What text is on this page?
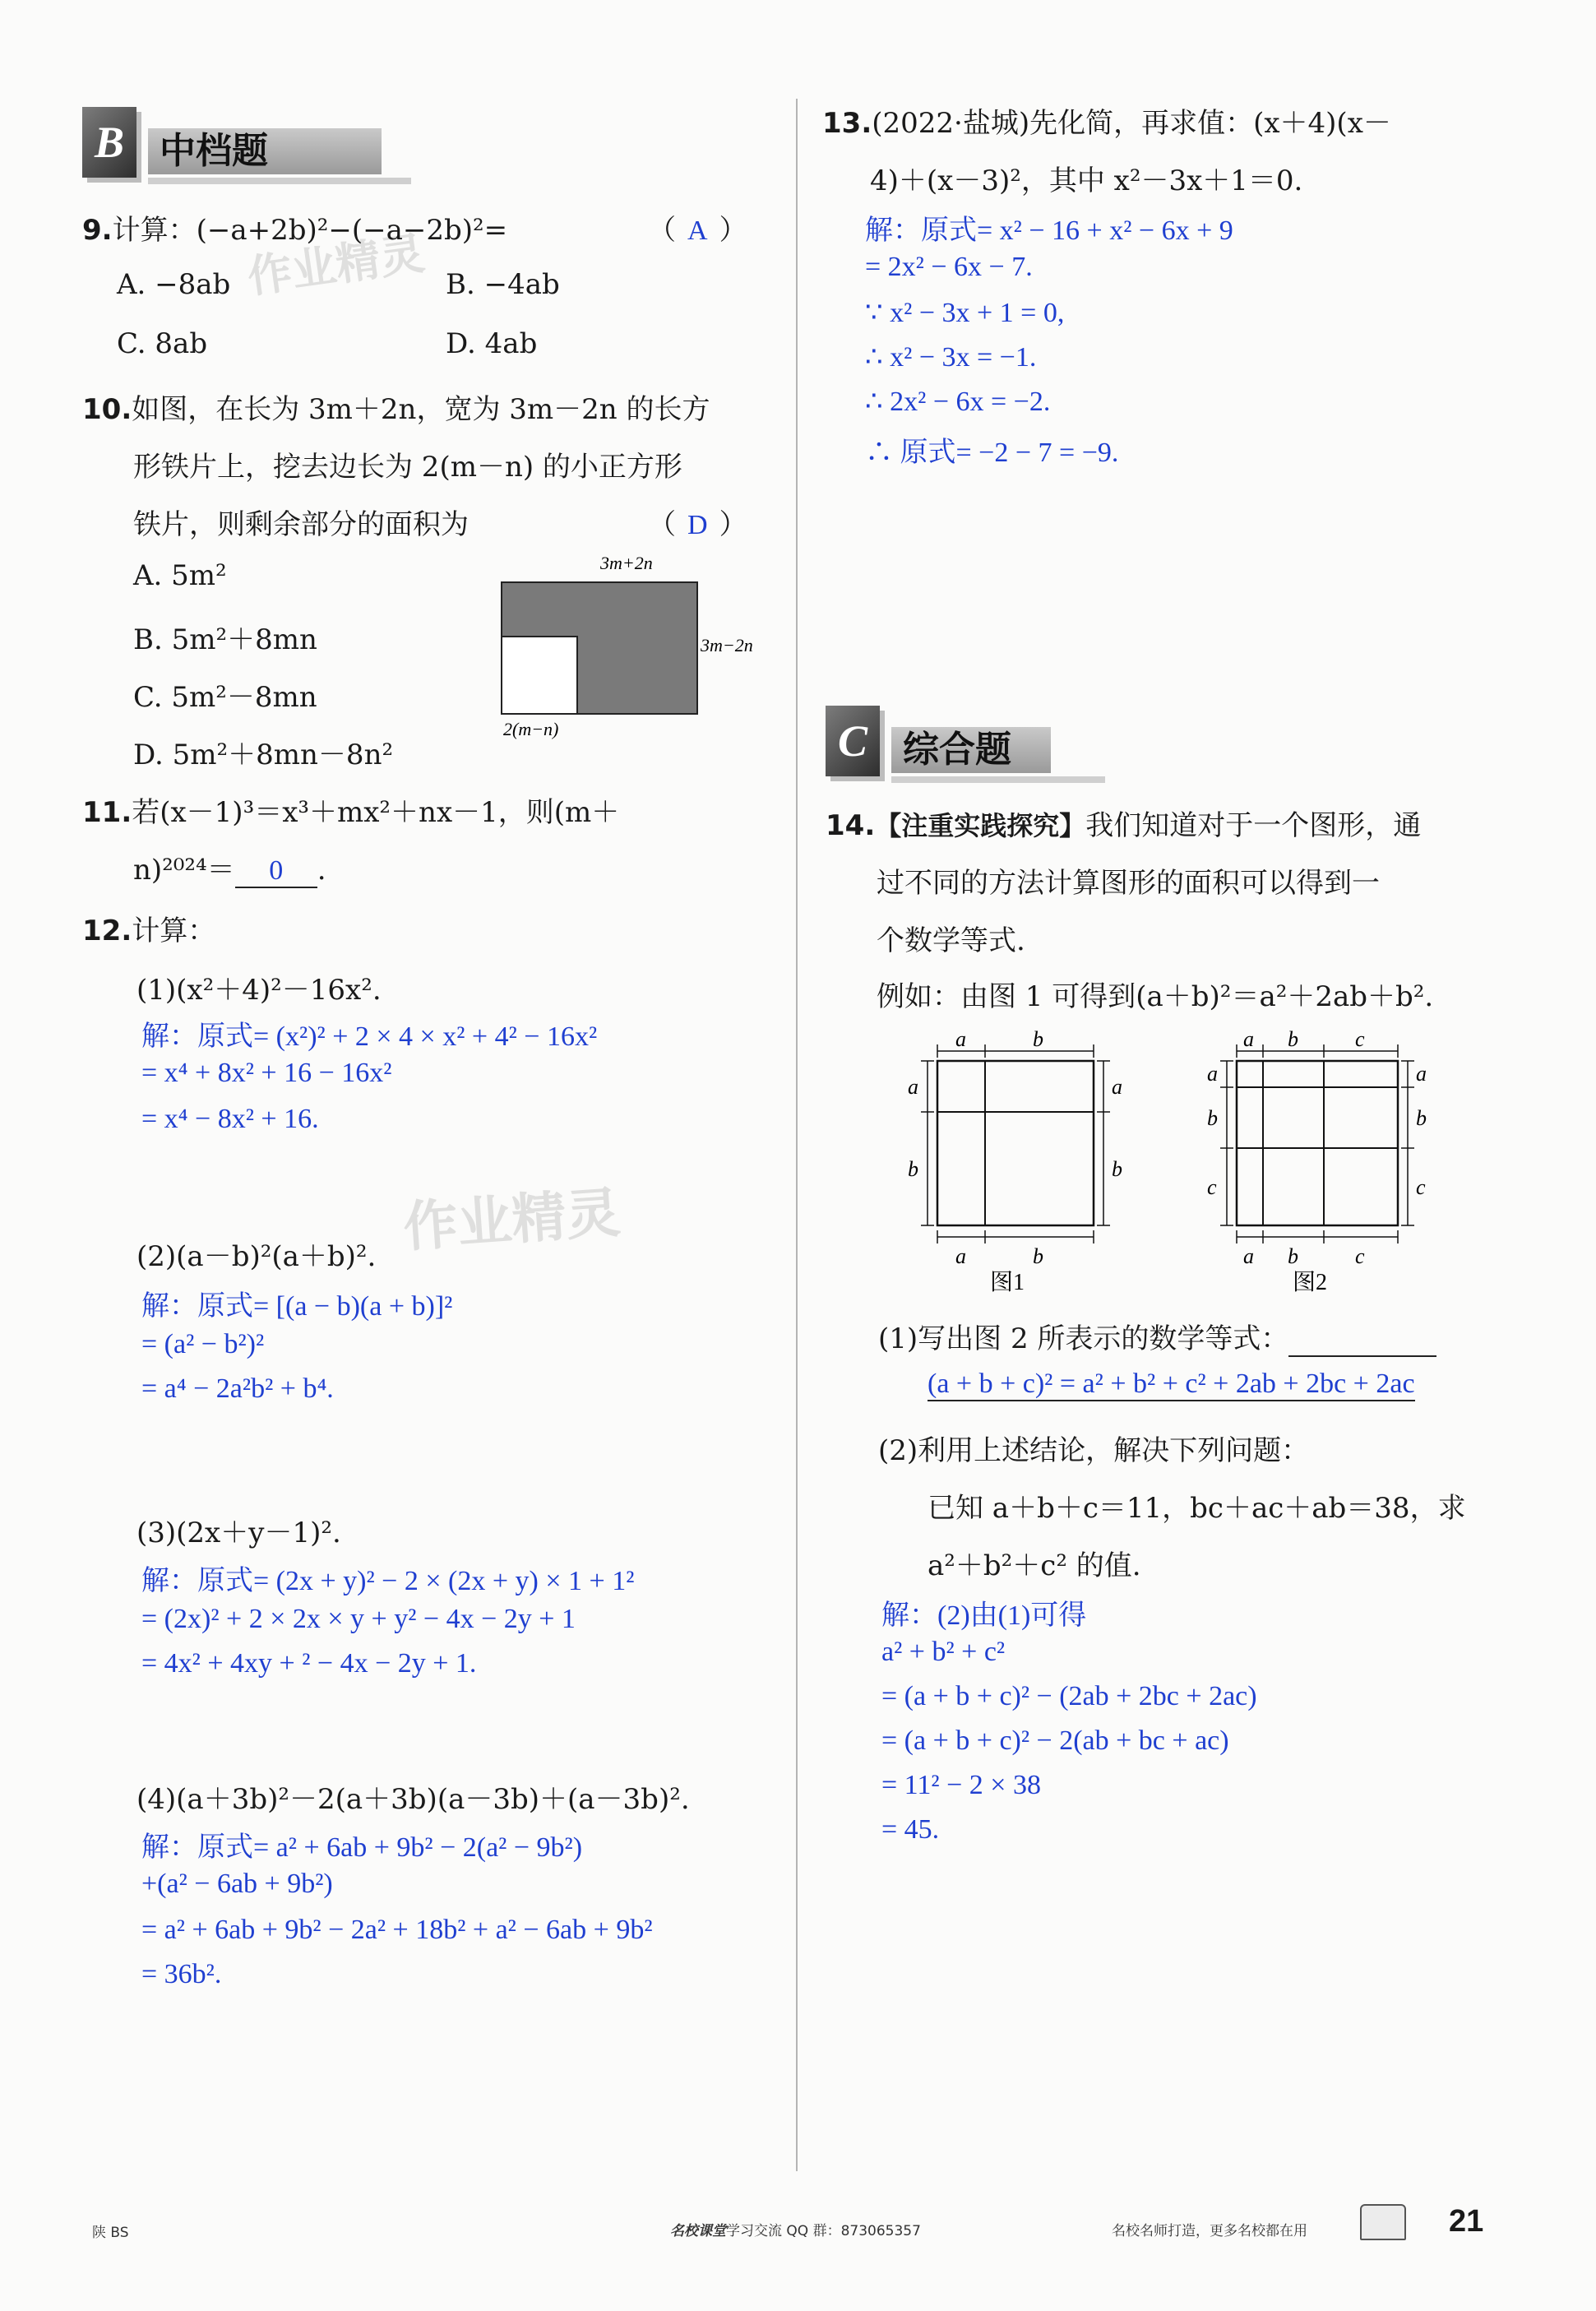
B 中档题
作业精灵
作业精灵
9.计算：(−a+2b)²−(−a−2b)²=	（ A ）
A. −8ab	B. −4ab
C. 8ab	D. 4ab
10.如图，在长为 3m＋2n，宽为 3m－2n 的长方
形铁片上，挖去边长为 2(m－n) 的小正方形
铁片，则剩余部分的面积为	（ D ）
A. 5m²
B. 5m²＋8mn
C. 5m²－8mn
D. 5m²＋8mn－8n²
3m+2n
3m−2n
2(m−n)
11.若(x－1)³＝x³＋mx²＋nx－1，则(m＋
n)²⁰²⁴＝ 0 .
12.计算：
(1)(x²＋4)²－16x².
解：原式= (x²)² + 2 × 4 × x² + 4² − 16x²
= x⁴ + 8x² + 16 − 16x²
= x⁴ − 8x² + 16.
(2)(a－b)²(a＋b)².
解：原式= [(a − b)(a + b)]²
= (a² − b²)²
= a⁴ − 2a²b² + b⁴.
(3)(2x＋y－1)².
解：原式= (2x + y)² − 2 × (2x + y) × 1 + 1²
= (2x)² + 2 × 2x × y + y² − 4x − 2y + 1
= 4x² + 4xy + ² − 4x − 2y + 1.
(4)(a＋3b)²－2(a＋3b)(a－3b)＋(a－3b)².
解：原式= a² + 6ab + 9b² − 2(a² − 9b²)
+(a² − 6ab + 9b²)
= a² + 6ab + 9b² − 2a² + 18b² + a² − 6ab + 9b²
= 36b².
13.(2022·盐城)先化简，再求值：(x＋4)(x－
4)＋(x－3)²，其中 x²－3x＋1＝0.
解：原式= x² − 16 + x² − 6x + 9
= 2x² − 6x − 7.
∵ x² − 3x + 1 = 0,
∴ x² − 3x = −1.
∴ 2x² − 6x = −2.
∴ 原式= −2 − 7 = −9.
C 综合题
14.【注重实践探究】我们知道对于一个图形，通
过不同的方法计算图形的面积可以得到一
个数学等式.
例如：由图 1 可得到(a＋b)²＝a²＋2ab＋b².
a	b
a	b
a
b
a
b
图1
a b	c
a b	c
a
b
c
a
b
c
图2
(1)写出图 2 所表示的数学等式：
(a + b + c)² = a² + b² + c² + 2ab + 2bc + 2ac
(2)利用上述结论，解决下列问题：
已知 a＋b＋c＝11，bc＋ac＋ab＝38，求
a²＋b²＋c² 的值.
解：(2)由(1)可得
a² + b² + c²
= (a + b + c)² − (2ab + 2bc + 2ac)
= (a + b + c)² − 2(ab + bc + ac)
= 11² − 2 × 38
= 45.
陕 BS	名校课堂学习交流 QQ 群：873065357	名校名师打造，更多名校都在用	21
